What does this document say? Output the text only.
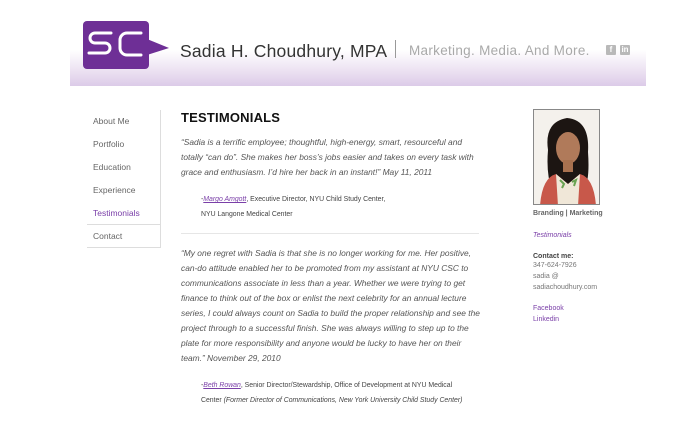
Sadia H. Choudhury, MPA Marketing. Media. And More.	f	in
About Me
Portfolio
Education
Experience
Testimonials
Contact
TESTIMONIALS

“Sadia is a terrific employee; thoughtful, high-energy, smart, resourceful and totally “can do”. She makes her boss’s jobs easier and takes on every task with grace and enthusiasm. I’d hire her back in an instant!” May 11, 2011

-Margo Amgott, Executive Director, NYU Child Study Center,
NYU Langone Medical Center

“My one regret with Sadia is that she is no longer working for me. Her positive, can-do attitude enabled her to be promoted from my assistant at NYU CSC to communications associate in less than a year. Whether we were trying to get finance to think out of the box or enlist the next celebrity for an annual lecture series, I could always count on Sadia to build the proper relationship and see the project through to a successful finish. She was always willing to step up to the plate for more responsibility and anyone would be lucky to have her on their team.” November 29, 2010

-Beth Rowan, Senior Director/Stewardship, Office of Development at NYU Medical
Center (Former Director of Communications, New York University Child Study Center)
Branding | Marketing
Testimonials
Contact me:
347-624-7926
sadia @
sadiachoudhury.com
Facebook
Linkedin
